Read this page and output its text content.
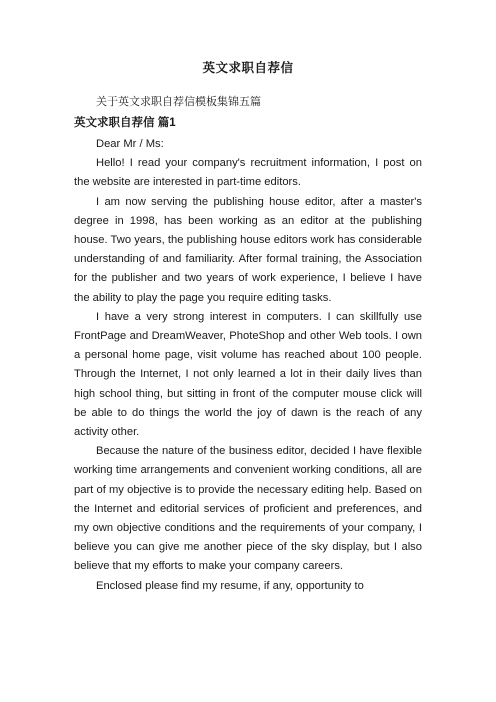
英文求职自荐信
关于英文求职自荐信模板集锦五篇
英文求职自荐信 篇1

Dear Mr / Ms:

Hello! I read your company's recruitment information, I post on the website are interested in part-time editors.

I am now serving the publishing house editor, after a master's degree in 1998, has been working as an editor at the publishing house. Two years, the publishing house editors work has considerable understanding of and familiarity. After formal training, the Association for the publisher and two years of work experience, I believe I have the ability to play the page you require editing tasks.

I have a very strong interest in computers. I can skillfully use FrontPage and DreamWeaver, PhoteShop and other Web tools. I own a personal home page, visit volume has reached about 100 people. Through the Internet, I not only learned a lot in their daily lives than high school thing, but sitting in front of the computer mouse click will be able to do things the world the joy of dawn is the reach of any activity other.

Because the nature of the business editor, decided I have flexible working time arrangements and convenient working conditions, all are part of my objective is to provide the necessary editing help. Based on the Internet and editorial services of proficient and preferences, and my own objective conditions and the requirements of your company, I believe you can give me another piece of the sky display, but I also believe that my efforts to make your company careers.

Enclosed please find my resume, if any, opportunity to
